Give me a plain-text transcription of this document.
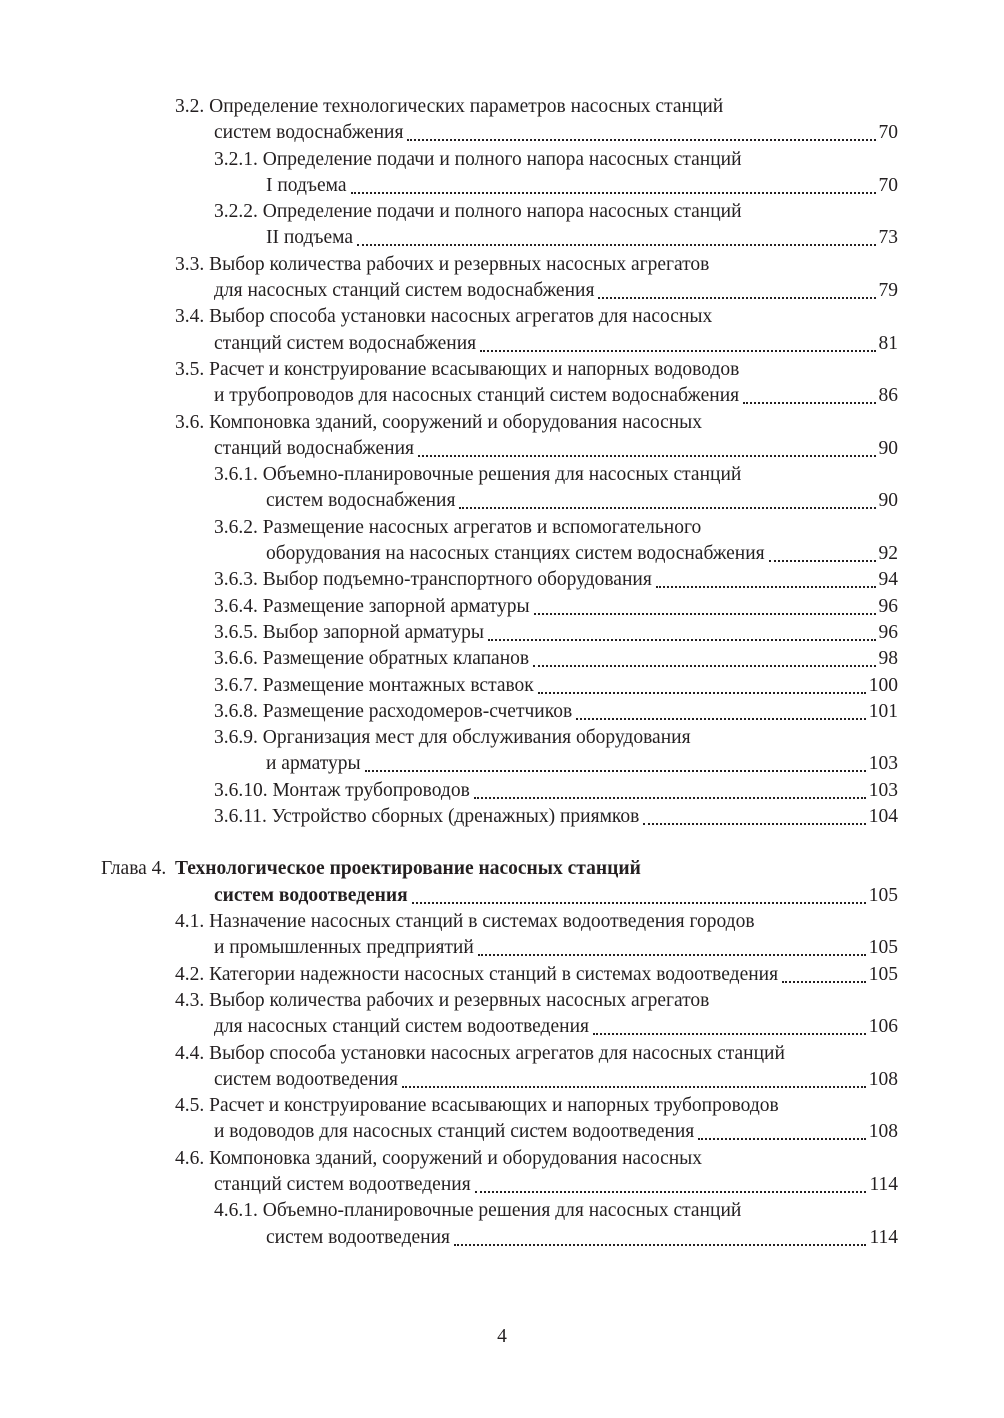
3.2. Определение технологических параметров насосных станций
систем водоснабжения	70
3.2.1. Определение подачи и полного напора насосных станций
I подъема	70
3.2.2. Определение подачи и полного напора насосных станций
II подъема	73
3.3. Выбор количества рабочих и резервных насосных агрегатов
для насосных станций систем водоснабжения	79
3.4. Выбор способа установки насосных агрегатов для насосных
станций систем водоснабжения	81
3.5. Расчет и конструирование всасывающих и напорных водоводов
и трубопроводов для насосных станций систем водоснабжения	86
3.6. Компоновка зданий, сооружений и оборудования насосных
станций водоснабжения	90
3.6.1. Объемно-планировочные решения для насосных станций
систем водоснабжения	90
3.6.2. Размещение насосных агрегатов и вспомогательного
оборудования на насосных станциях систем водоснабжения	92
3.6.3. Выбор подъемно-транспортного оборудования	94
3.6.4. Размещение запорной арматуры	96
3.6.5. Выбор запорной арматуры	96
3.6.6. Размещение обратных клапанов	98
3.6.7. Размещение монтажных вставок	100
3.6.8. Размещение расходомеров-счетчиков	101
3.6.9. Организация мест для обслуживания оборудования
и арматуры	103
3.6.10. Монтаж трубопроводов	103
3.6.11. Устройство сборных (дренажных) приямков	104
Глава 4. Технологическое проектирование насосных станций
систем водоотведения	105
4.1. Назначение насосных станций в системах водоотведения городов
и промышленных предприятий	105
4.2. Категории надежности насосных станций в системах водоотведения	105
4.3. Выбор количества рабочих и резервных насосных агрегатов
для насосных станций систем водоотведения	106
4.4. Выбор способа установки насосных агрегатов для насосных станций
систем водоотведения	108
4.5. Расчет и конструирование всасывающих и напорных трубопроводов
и водоводов для насосных станций систем водоотведения	108
4.6. Компоновка зданий, сооружений и оборудования насосных
станций систем водоотведения	114
4.6.1. Объемно-планировочные решения для насосных станций
систем водоотведения	114
4
